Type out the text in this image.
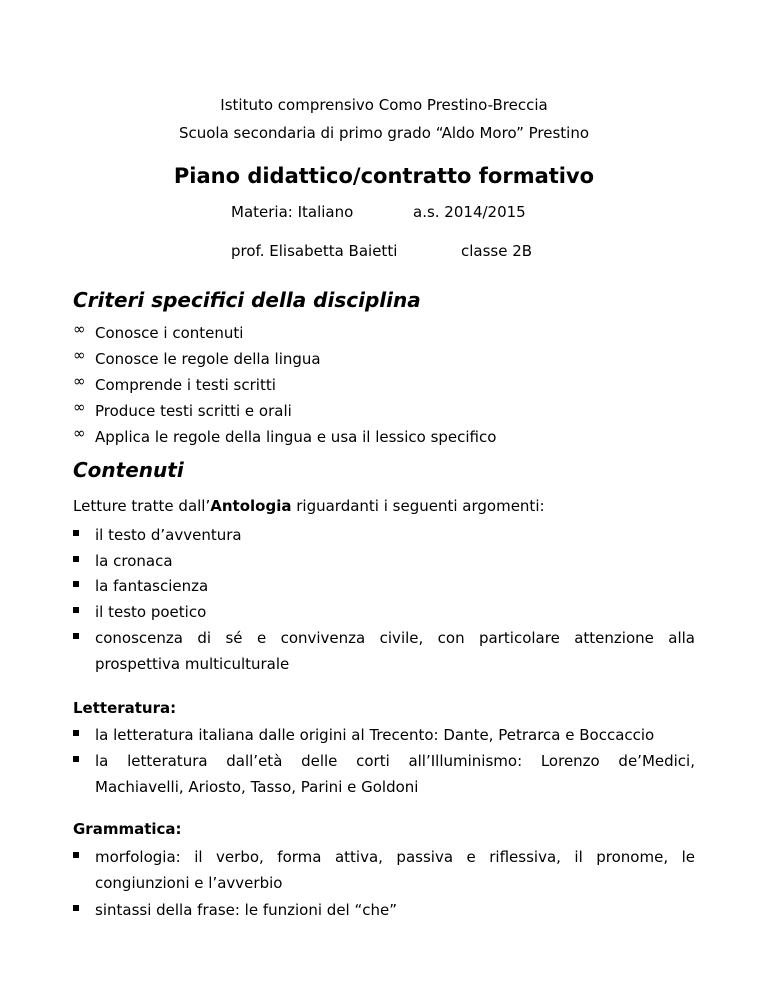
Istituto comprensivo Como Prestino-Breccia
Scuola secondaria di primo grado “Aldo Moro” Prestino
Piano didattico/contratto formativo
Materia: Italiano	a.s. 2014/2015
prof. Elisabetta Baietti	classe 2B
Criteri specifici della disciplina
∞ Conosce i contenuti
∞ Conosce le regole della lingua
∞ Comprende i testi scritti
∞ Produce testi scritti e orali
∞ Applica le regole della lingua e usa il lessico specifico
Contenuti
Letture tratte dall’Antologia riguardanti i seguenti argomenti:
il testo d’avventura
la cronaca
la fantascienza
il testo poetico
conoscenza di sé e convivenza civile, con particolare attenzione alla
prospettiva multiculturale
Letteratura:
la letteratura italiana dalle origini al Trecento: Dante, Petrarca e Boccaccio
la letteratura dall’età delle corti all’Illuminismo: Lorenzo de’Medici,
Machiavelli, Ariosto, Tasso, Parini e Goldoni
Grammatica:
morfologia: il verbo, forma attiva, passiva e riflessiva, il pronome, le
congiunzioni e l’avverbio
sintassi della frase: le funzioni del “che”
